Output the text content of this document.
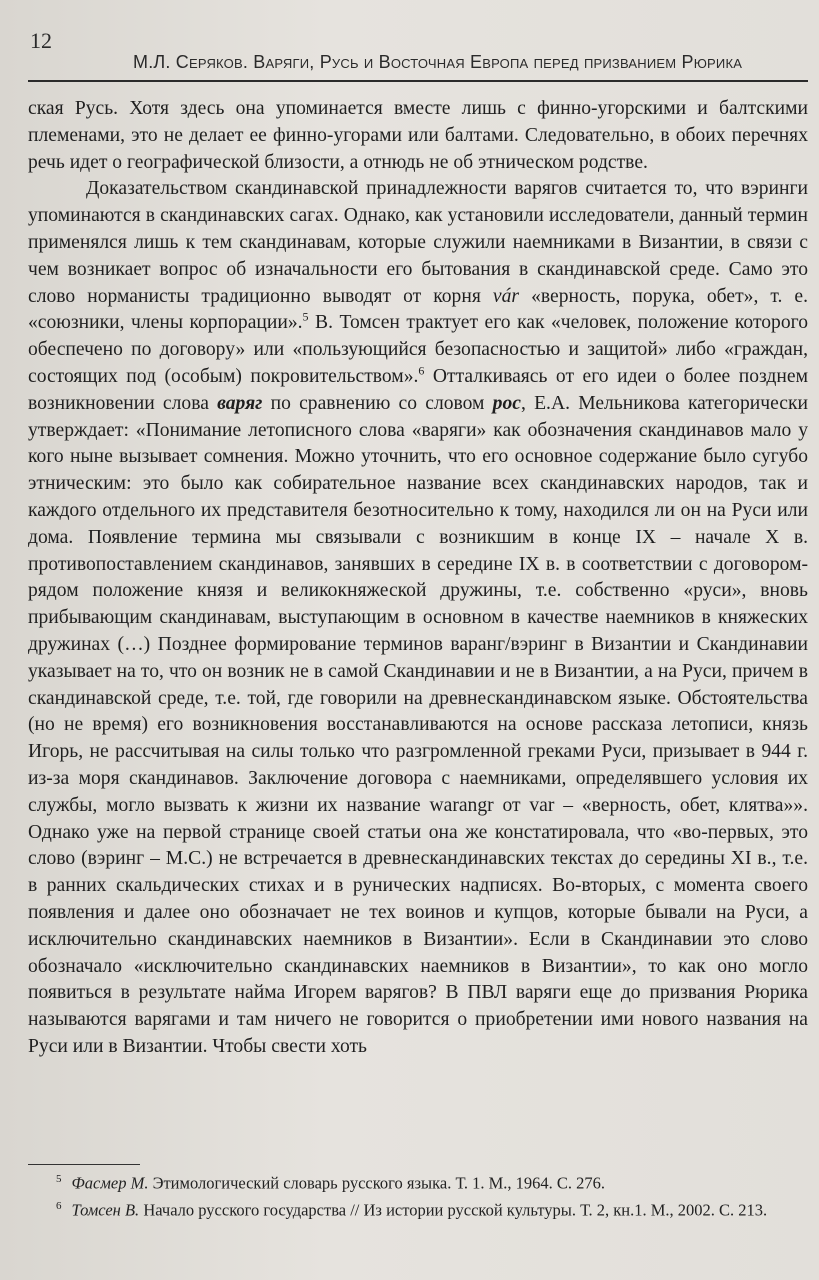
12
М.Л. Серяков. Варяги, Русь и Восточная Европа перед призванием Рюрика

ская Русь. Хотя здесь она упоминается вместе лишь с финно-угорскими и балтскими племенами, это не делает ее финно-угорами или балтами. Следовательно, в обоих перечнях речь идет о географической близости, а отнюдь не об этническом родстве.

Доказательством скандинавской принадлежности варягов считается то, что вэринги упоминаются в скандинавских сагах. Однако, как установили исследователи, данный термин применялся лишь к тем скандинавам, которые служили наемниками в Византии, в связи с чем возникает вопрос об изначальности его бытования в скандинавской среде. Само это слово норманисты традиционно выводят от корня vár «верность, порука, обет», т. е. «союзники, члены корпорации».$^5$ В. Томсен трактует его как «человек, положение которого обеспечено по договору» или «пользующийся безопасностью и защитой» либо «граждан, состоящих под (особым) покровительством».$^6$ Отталкиваясь от его идеи о более позднем возникновении слова варяг по сравнению со словом рос, Е.А. Мельникова категорически утверждает: «Понимание летописного слова «варяги» как обозначения скандинавов мало у кого ныне вызывает сомнения. Можно уточнить, что его основное содержание было сугубо этническим: это было как собирательное название всех скандинавских народов, так и каждого отдельного их представителя безотносительно к тому, находился ли он на Руси или дома. Появление термина мы связывали с возникшим в конце IX – начале X в. противопоставлением скандинавов, занявших в середине IX в. в соответствии с договором-рядом положение князя и великокняжеской дружины, т.е. собственно «руси», вновь прибывающим скандинавам, выступающим в основном в качестве наемников в княжеских дружинах (…) Позднее формирование терминов варанг/вэринг в Византии и Скандинавии указывает на то, что он возник не в самой Скандинавии и не в Византии, а на Руси, причем в скандинавской среде, т.е. той, где говорили на древнескандинавском языке. Обстоятельства (но не время) его возникновения восстанавливаются на основе рассказа летописи, князь Игорь, не рассчитывая на силы только что разгромленной греками Руси, призывает в 944 г. из-за моря скандинавов. Заключение договора с наемниками, определявшего условия их службы, могло вызвать к жизни их название warangr от var – «верность, обет, клятва»». Однако уже на первой странице своей статьи она же констатировала, что «во-первых, это слово (вэринг – М.С.) не встречается в древнескандинавских текстах до середины XI в., т.е. в ранних скальдических стихах и в рунических надписях. Во-вторых, с момента своего появления и далее оно обозначает не тех воинов и купцов, которые бывали на Руси, а исключительно скандинавских наемников в Византии». Если в Скандинавии это слово обозначало «исключительно скандинавских наемников в Византии», то как оно могло появиться в результате найма Игорем варягов? В ПВЛ варяги еще до призвания Рюрика называются варягами и там ничего не говорится о приобретении ими нового названия на Руси или в Византии. Чтобы свести хоть

$^5$ Фасмер М. Этимологический словарь русского языка. Т. 1. М., 1964. С. 276.

$^6$ Томсен В. Начало русского государства // Из истории русской культуры. Т. 2, кн.1. М., 2002. С. 213.
